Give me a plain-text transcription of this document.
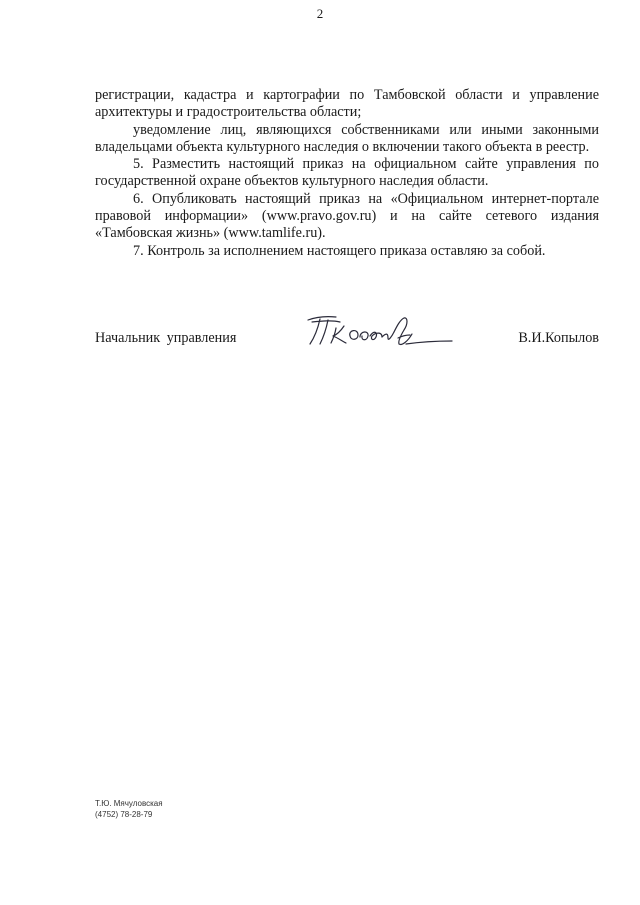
2

регистрации, кадастра и картографии по Тамбовской области и управление архитектуры и градостроительства области;

уведомление лиц, являющихся собственниками или иными законными владельцами объекта культурного наследия о включении такого объекта в реестр.

5. Разместить настоящий приказ на официальном сайте управления по государственной охране объектов культурного наследия области.

6. Опубликовать настоящий приказ на «Официальном интернет-портале правовой информации» (www.pravo.gov.ru) и на сайте сетевого издания «Тамбовская жизнь» (www.tamlife.ru).

7. Контроль за исполнением настоящего приказа оставляю за собой.

Начальник управления	В.И.Копылов
Т.Ю. Мячуловская
(4752) 78-28-79
